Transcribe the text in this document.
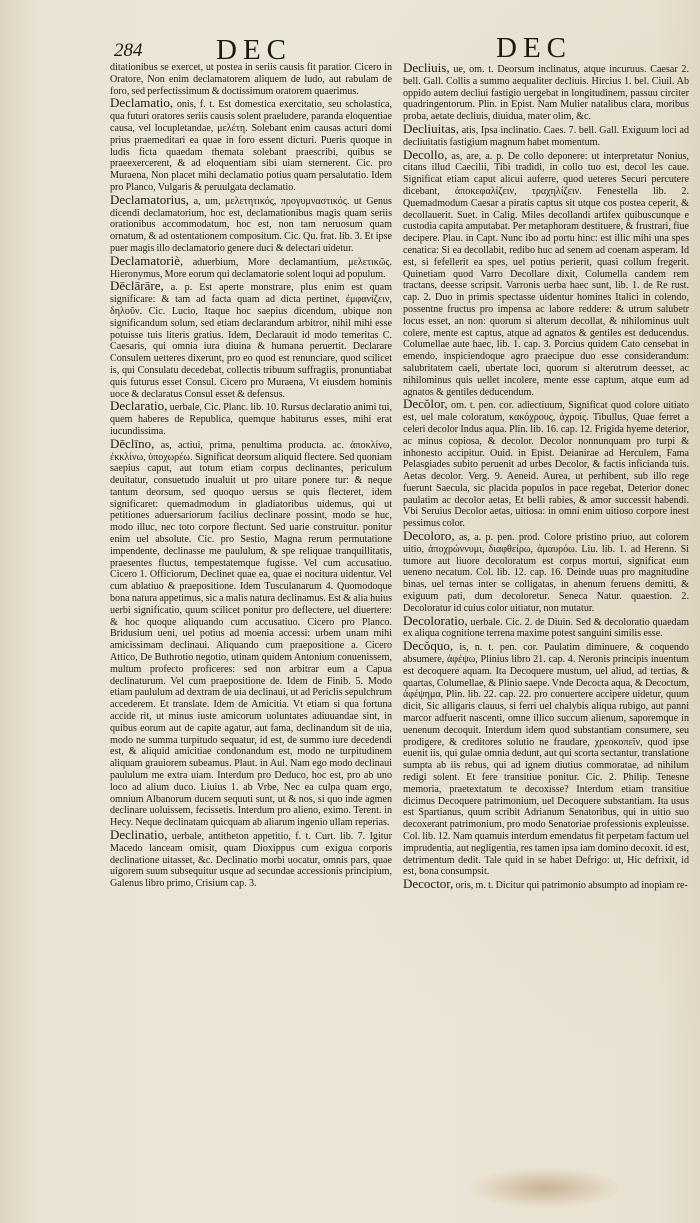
284	DEC	DEC
ditationibus se exercet, ut postea in seriis causis fit paratior. Cicero in Oratore, Non enim declamatorem aliquem de ludo, aut rabulam de foro, sed perfectissimum & doctissimum oratorem quaerimus.
Declamatio, onis, f. t. Est domestica exercitatio, seu scholastica, qua futuri oratores seriis causis solent praeludere, paranda eloquentiae causa, vel locupletandae, μελέτη. Solebant enim causas acturi domi prius praemeditari ea quae in foro essent dicturi. Pueris quoque in ludis ficta quaedam themata solebant praescribi, quibus se praeexercerent, & ad eloquentiam sibi uiam sternerent. Cic. pro Muraena, Non placet mihi declamatio potius quam persalutatio. Idem pro Planco, Vulgaris & peruulgata declamatio.
Declamatorius, a, um, μελετητικός, προγυμναστικός. ut Genus dicendi declamatorium, hoc est, declamationibus magis quam seriis orationibus accommodatum, hoc est, non tam neruosum quam ornatum, & ad ostentationem compositum. Cic. Qu. frat. lib. 3. Et ipse puer magis illo declamatorio genere duci & delectari uidetur.
Declamatoriè, aduerbium, More declamantium, μελετικῶς. Hieronymus, More eorum qui declamatorie solent loqui ad populum.
Dēclārāre, a. p. Est aperte monstrare, plus enim est quam significare: & tam ad facta quam ad dicta pertinet, ἐμφανίζειν, δηλοῦν. Cic. Lucio, Itaque hoc saepius dicendum, ubique non significandum solum, sed etiam declarandum arbitror, nihil mihi esse potuisse tuis literis gratius. Idem, Declarauit id modo temeritas C. Caesaris, qui omnia iura diuina & humana peruertit. Declarare Consulem uetteres dixerunt, pro eo quod est renunciare, quod scilicet is, qui Consulatu decedebat, collectis tribuum suffragiis, pronuntiabat quis futurus esset Consul. Cicero pro Muraena, Vt eiusdem hominis uoce & declaratus Consul esset & defensus.
Declaratio, uerbale, Cic. Planc. lib. 10. Rursus declaratio animi tui, quem haberes de Republica, quemque habiturus esses, mihi erat iucundissima.
Dēclīno, as, actiui, prima, penultima producta. ac. ἀποκλίνω, ἐκκλίνω, ὑποχωρέω. Significat deorsum aliquid flectere. Sed quoniam saepius caput, aut totum etiam corpus declinantes, periculum deuitatur, consuetudo inualuit ut pro uitare ponere tur: & neque tantum deorsum, sed quoquo uersus se quis flecteret, idem significaret: quemadmodum in gladiatoribus uidemus, qui ut petitiones aduersariorum facilius declinare possint, modo se huc, modo illuc, nec toto corpore flectunt. Sed uarie construitur. ponitur enim uel absolute. Cic. pro Sestio, Magna rerum permutatione impendente, declinasse me paululum, & spe reliquae tranquillitatis, praesentes fluctus, tempestatemque fugisse. Vel cum accusatiuo. Cicero 1. Officiorum, Declinet quae ea, quae ei nocitura uidentur. Vel cum ablatiuo & praepositione. Idem Tusculanarum 4. Quomodoque bona natura appetimus, sic a malis natura declinamus. Est & alia huius uerbi significatio, quum scilicet ponitur pro deflectere, uel diuertere: & hoc quoque aliquando cum accusatiuo. Cicero pro Planco. Bridusium ueni, uel potius ad moenia accessi: urbem unam mihi amicissimam declinaui. Aliquando cum praepositione a. Cicero Attico, De Buthrotio negotio, utinam quidem Antonium conuenissem, multum profecto proficeres: sed non arbitrar eum a Capua declinaturum. Vel cum praepositione de. Idem de Finib. 5. Modo etiam paululum ad dextram de uia declinaui, ut ad Periclis sepulchrum accederem. Et translate. Idem de Amicitia. Vt etiam si qua fortuna accide rit, ut minus iuste amicorum uoluntates adiuuandae sint, in quibus eorum aut de capite agatur, aut fama, declinandum sit de uia, modo ne summa turpitudo sequatur, id est, de summo iure decedendi est, & aliquid amicitiae condonandum est, modo ne turpitudinem aliquam grauiorem subeamus. Plaut. in Aul. Nam ego modo declinaui paululum me extra uiam. Interdum pro Deduco, hoc est, pro ab uno loco ad alium duco. Liuius 1. ab Vrbe, Nec ea culpa quam ergo, omnium Albanorum ducem sequuti sunt, ut & nos, si quo inde agmen declinare uoluissem, fecissetis. Interdum pro alieno, eximo. Terent. in Hecy. Neque declinatam quicquam ab aliarum ingenio ullam reperias.
Declinatio, uerbale, antitheton appetitio, f. t. Curt. lib. 7. Igitur Macedo lanceam omisit, quam Dioxippus cum exigua corporis declinatione uitasset, &c. Declinatio morbi uocatur, omnis pars, quae uigorem suum subsequitur usque ad secundae accessionis principium, Galenus libro primo, Crisium cap. 3.
Decliuis, ue, om. t. Deorsum inclinatus, atque incuruus. Caesar 2. bell. Gall. Collis a summo aequaliter decliuis. Hircius 1. bel. Ciuil. Ab oppido autem decliui fastigio uergebat in longitudinem, passuu circiter quadringentorum. Plin. in Epist. Nam Mulier natalibus clara, moribus proba, aetate decliuis, diuidua, mater olim, &c.
Decliuitas, atis, Ipsa inclinatio. Caes. 7. bell. Gall. Exiguum loci ad decliuitatis fastigium magnum habet momentum.
Decollo, as, are, a. p. De collo deponere: ut interpretatur Nonius, citans illud Caecilii, Tibi tradidi, in collo tuo est, decol les caue. Significat etiam caput alicui auferre, quod ueteres Securi percutere dicebant, ἀποκεφαλίζειν, τραχηλίζειν. Fenestella lib. 2. Quemadmodum Caesar a piratis captus sit utque cos postea ceperit, & decollauerit. Suet. in Calig. Miles decollandi artifex quibuscunque e custodia capita amputabat. Per metaphoram destituere, & frustrari, fiue decipere. Plau. in Capt. Nunc ibo ad portu hinc: est illic mihi una spes cenatica: Si ea decollabit, redibo huc ad senem ad coenam asperam. Id est, si fefellerit ea spes, uel potius perierit, quasi collum fregerit. Quinetiam quod Varro Decollare dixit, Columella candem rem tractans, deesse scripsit. Varronis uerba haec sunt, lib. 1. de Re rust. cap. 2. Duo in primis spectasse uidentur homines Italici in colendo, possentne fructus pro impensa ac labore reddere: & utrum salubetr locus esset, an non: quorum si alterum decollat, & nihilominus uult colere, mente est captus, atque ad agnatos & gentiles est deducendus. Columellae aute haec, lib. 1. cap. 3. Porcius quidem Cato censebat in emendo, inspiciendoque agro praecipue duo esse considerandum: salubritatem caeli, ubertate loci, quorum si alterutrum deesset, ac nihilominus quis uellet incolere, mente esse captum, atque eum ad agnatos & gentiles deducendum.
Decŏlor, om. t. pen. cor. adiectiuum, Significat quod colore uitiato est, uel male coloratum, κακόχρους, ἀχροίς. Tibullus, Quae ferret a celeri decolor Indus aqua. Plin. lib. 16. cap. 12. Frigida hyeme deterior, ac minus copiosa, & decolor. Decolor nonnunquam pro turpi & inhonesto accipitur. Ouid. in Epist. Deianirae ad Herculem, Fama Pelasgiades subito peruenit ad urbes Decolor, & factis inficianda tuis. Aetas decolor. Verg. 9. Aeneid. Aurea, ut perhibent, sub illo rege fuerunt Saecula, sic placida populos in pace regebat, Deterior donec paulatim ac decolor aetas, Et belli rabies, & amor successit habendi. Vbi Seruius Decolor aetas, uitiosa: in omni enim uitioso corpore inest pessimus color.
Decoloro, as, a. p. pen. prod. Colore pristino priuo, aut colorem uitio, ἀποχρώννυμι, διαφθείρω, ἀμαυρόω. Liu. lib. 1. ad Herenn. Si tumore aut liuore decoloratum est corpus mortui, significat eum ueneno necatum. Col. lib. 12. cap. 16. Deinde uuas pro magnitudine binas, uel ternas inter se colligatas, in ahenum feruens demitti, & exiguum pati, dum decoloretur. Seneca Natur. quaestion. 2. Decoloratur id cuius color uitiatur, non mutatur.
Decoloratio, uerbale. Cic. 2. de Diuin. Sed & decoloratio quaedam ex aliqua cognitione terrena maxime potest sanguini similis esse.
Decŏquo, is, n. t. pen. cor. Paulatim diminuere, & coquendo absumere, ἀφέψω, Plinius libro 21. cap. 4. Neronis principis inuentum est decoquere aquam. Ita Decoquere mustum, uel aliud, ad tertias, & quartas, Columellae, & Plinio saepe. Vnde Decocta aqua, & Decoctum, ἀφέψημα, Plin. lib. 22. cap. 22. pro conuertere accipere uidetur, quum dicit, Sic alligaris clauus, si ferri uel chalybis aliqua rubigo, aut panni marcor adfuerit nascenti, omne illico succum alienum, saporemque in uenenum decoquit. Interdum idem quod substantiam consumere, seu prodigere, & creditores solutio ne fraudare, χρεοκοπεῖν, quod ipse euenit iis, qui gulae omnia dedunt, aut qui scorta sectantur, translatione sumpta ab iis rebus, qui ad ignem diutius commoratae, ad nihilum redigi solent. Et fere transitiue ponitur. Cic. 2. Philip. Tenesne memoria, praetextatum te decoxisse? Interdum etiam transitiue dicimus Decoquere patrimonium, uel Decoquere substantiam. Ita usus est Spartianus, quum scribit Adrianum Senatoribus, qui in uitio suo decoxerant patrimonium, pro modo Senatoriae professionis expleuisse. Col. lib. 12. Nam quamuis interdum emendatus fit perpetam factum uel imprudentia, aut negligentia, res tamen ipsa iam domino decoxit. id est, detrimentum dedit. Tale quid in se habet Defrigo: ut, Hic defrixit, id est, bona consumpsit.
Decoctor, oris, m. t. Dicitur qui patrimonio absumpto ad inopiam re-
